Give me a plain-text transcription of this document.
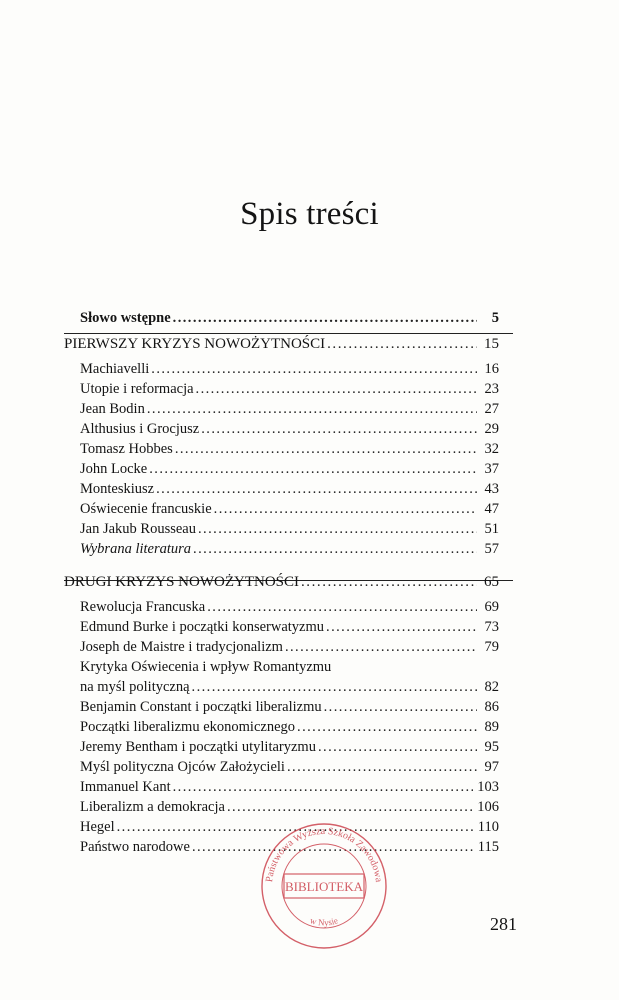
Spis treści
Słowo wstępne . . .	5
PIERWSZY KRYZYS NOWOŻYTNOŚCI . . .	15
Machiavelli . . .	16
Utopie i reformacja . . .	23
Jean Bodin . . .	27
Althusius i Grocjusz . . .	29
Tomasz Hobbes . . .	32
John Locke . . .	37
Monteskiusz . . .	43
Oświecenie francuskie . . .	47
Jan Jakub Rousseau . . .	51
Wybrana literatura . . .	57
DRUGI KRYZYS NOWOŻYTNOŚCI . . .	65
Rewolucja Francuska . . .	69
Edmund Burke i początki konserwatyzmu . . .	73
Joseph de Maistre i tradycjonalizm . . .	79
Krytyka Oświecenia i wpływ Romantyzmu
na myśl polityczną . . .	82
Benjamin Constant i początki liberalizmu . . .	86
Początki liberalizmu ekonomicznego . . .	89
Jeremy Bentham i początki utylitaryzmu . . .	95
Myśl polityczna Ojców Założycieli . . .	97
Immanuel Kant . . .	103
Liberalizm a demokracja . . .	106
Hegel . . .	110
Państwo narodowe . . .	115
Państwowa Wyższa Szkoła Zawodowa
BIBLIOTEKA
w Nysie	281
